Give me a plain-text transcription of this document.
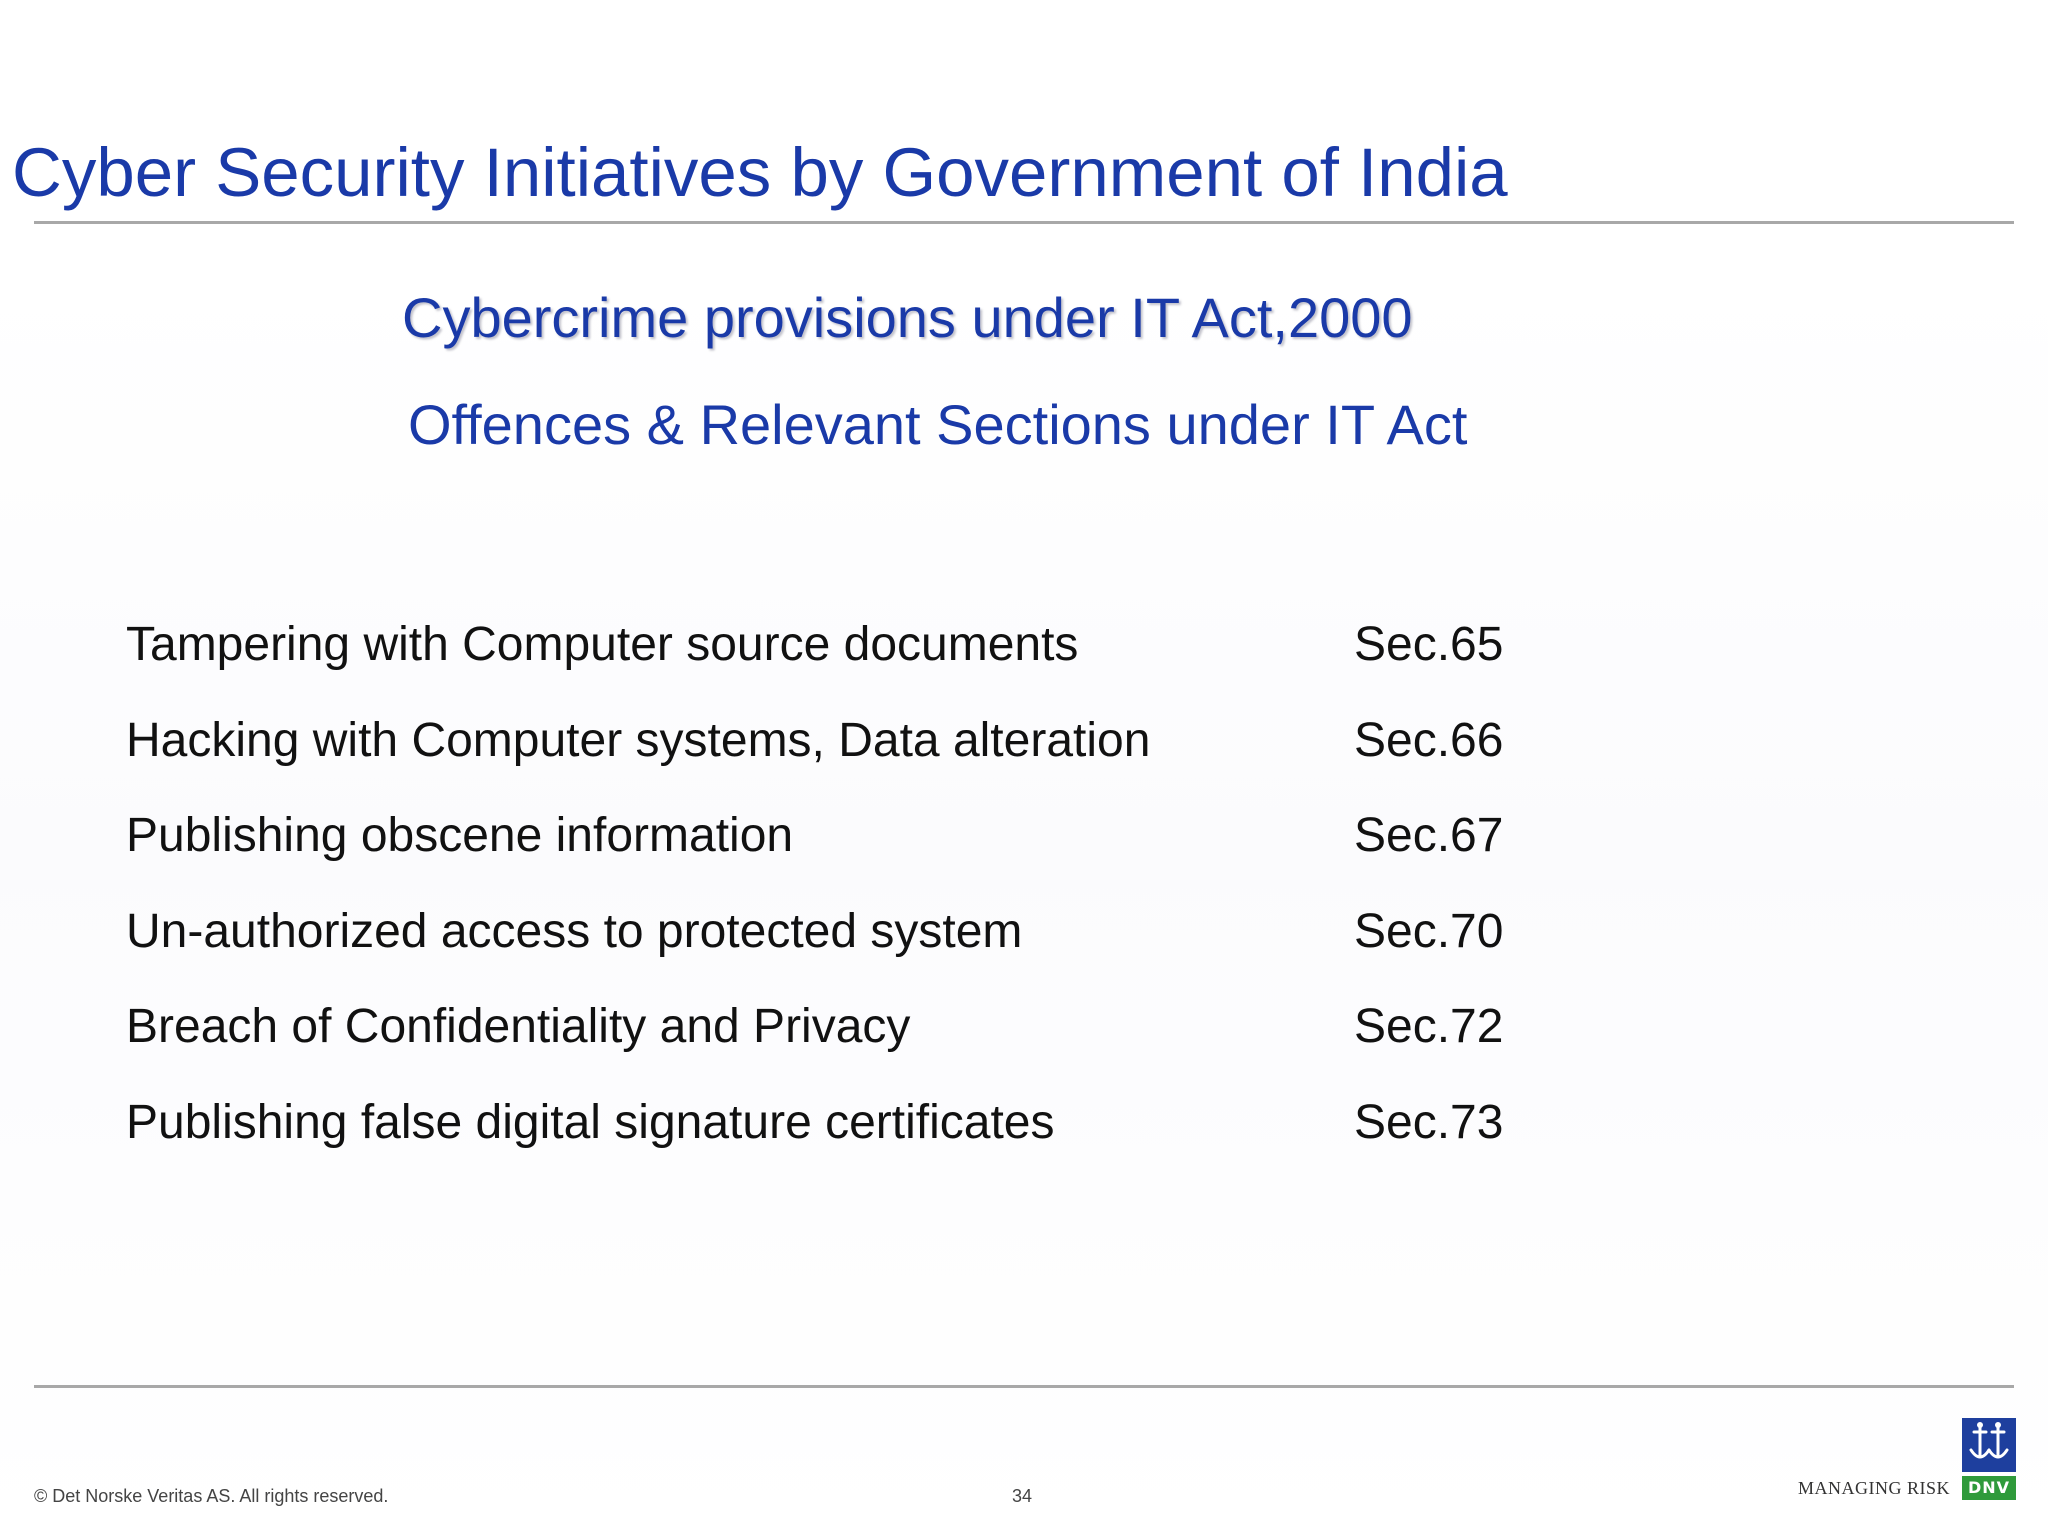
Cyber Security Initiatives by Government of India
Cybercrime provisions under IT Act,2000
Offences & Relevant Sections under IT Act
Tampering with Computer source documents	Sec.65
Hacking with Computer systems, Data alteration	Sec.66
Publishing obscene information	Sec.67
Un-authorized access to protected system	Sec.70
Breach of Confidentiality and Privacy	Sec.72
Publishing false digital signature certificates	Sec.73
© Det Norske Veritas AS. All rights reserved.	34	MANAGING RISK	DNV
